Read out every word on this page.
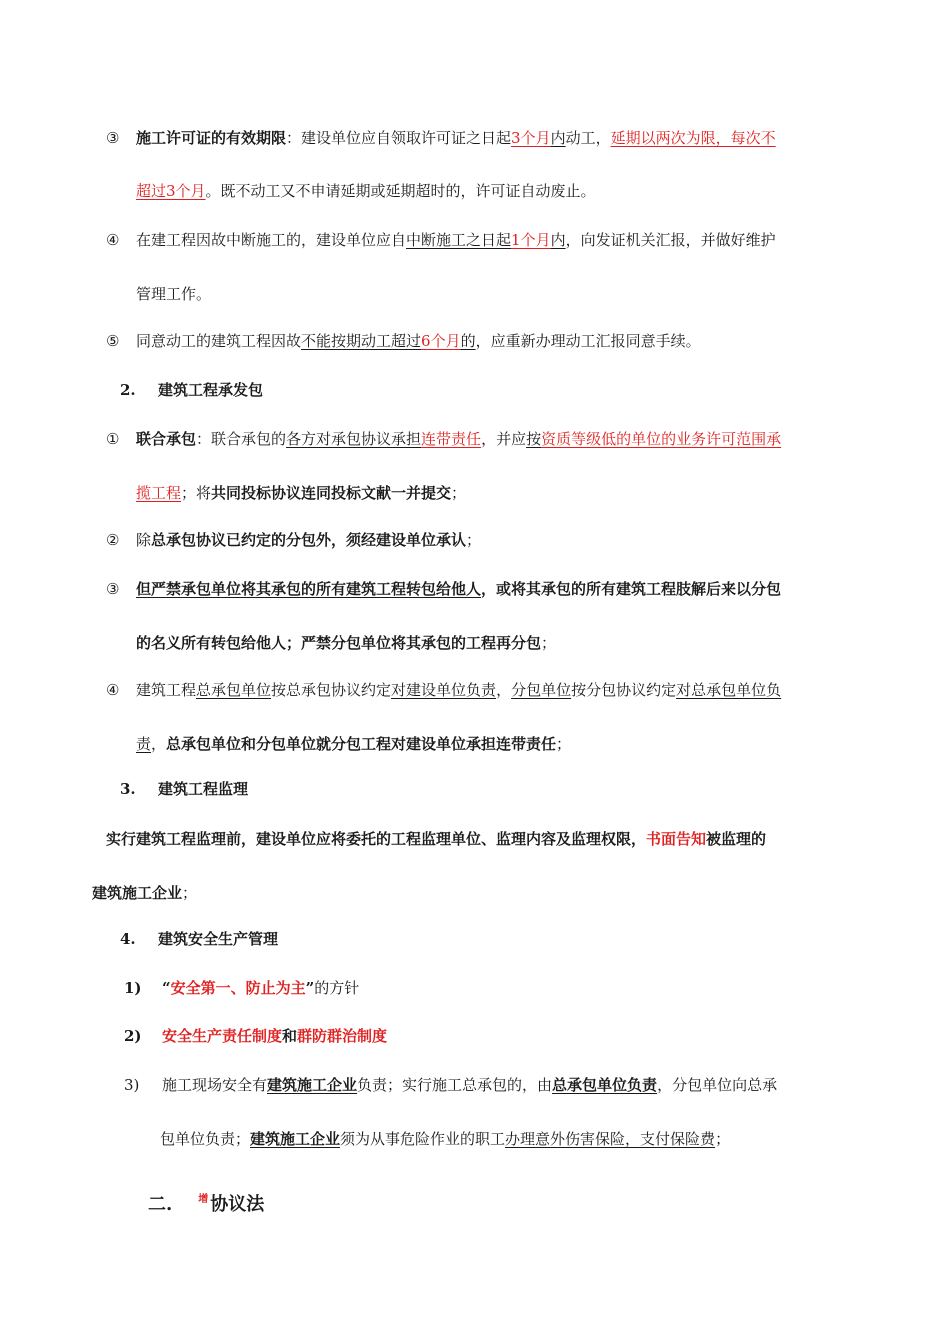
③ 施工许可证的有效期限：建设单位应自领取许可证之日起3个月内动工，延期以两次为限，每次不
超过3个月。既不动工又不申请延期或延期超时的，许可证自动废止。
④ 在建工程因故中断施工的，建设单位应自中断施工之日起1个月内，向发证机关汇报，并做好维护
管理工作。
⑤ 同意动工的建筑工程因故不能按期动工超过6个月的，应重新办理动工汇报同意手续。
2. 建筑工程承发包
① 联合承包：联合承包的各方对承包协议承担连带责任，并应按资质等级低的单位的业务许可范围承
揽工程；将共同投标协议连同投标文献一并提交；
② 除总承包协议已约定的分包外，须经建设单位承认；
③ 但严禁承包单位将其承包的所有建筑工程转包给他人，或将其承包的所有建筑工程肢解后来以分包
的名义所有转包给他人；严禁分包单位将其承包的工程再分包；
④ 建筑工程总承包单位按总承包协议约定对建设单位负责，分包单位按分包协议约定对总承包单位负
责，总承包单位和分包单位就分包工程对建设单位承担连带责任；
3. 建筑工程监理
实行建筑工程监理前，建设单位应将委托的工程监理单位、监理内容及监理权限，书面告知被监理的
建筑施工企业；
4. 建筑安全生产管理
1) “安全第一、防止为主”的方针
2) 安全生产责任制度和群防群治制度
3) 施工现场安全有建筑施工企业负责；实行施工总承包的，由总承包单位负责，分包单位向总承
包单位负责；建筑施工企业须为从事危险作业的职工办理意外伤害保险，支付保险费；
二.	$^增$ 协议法
